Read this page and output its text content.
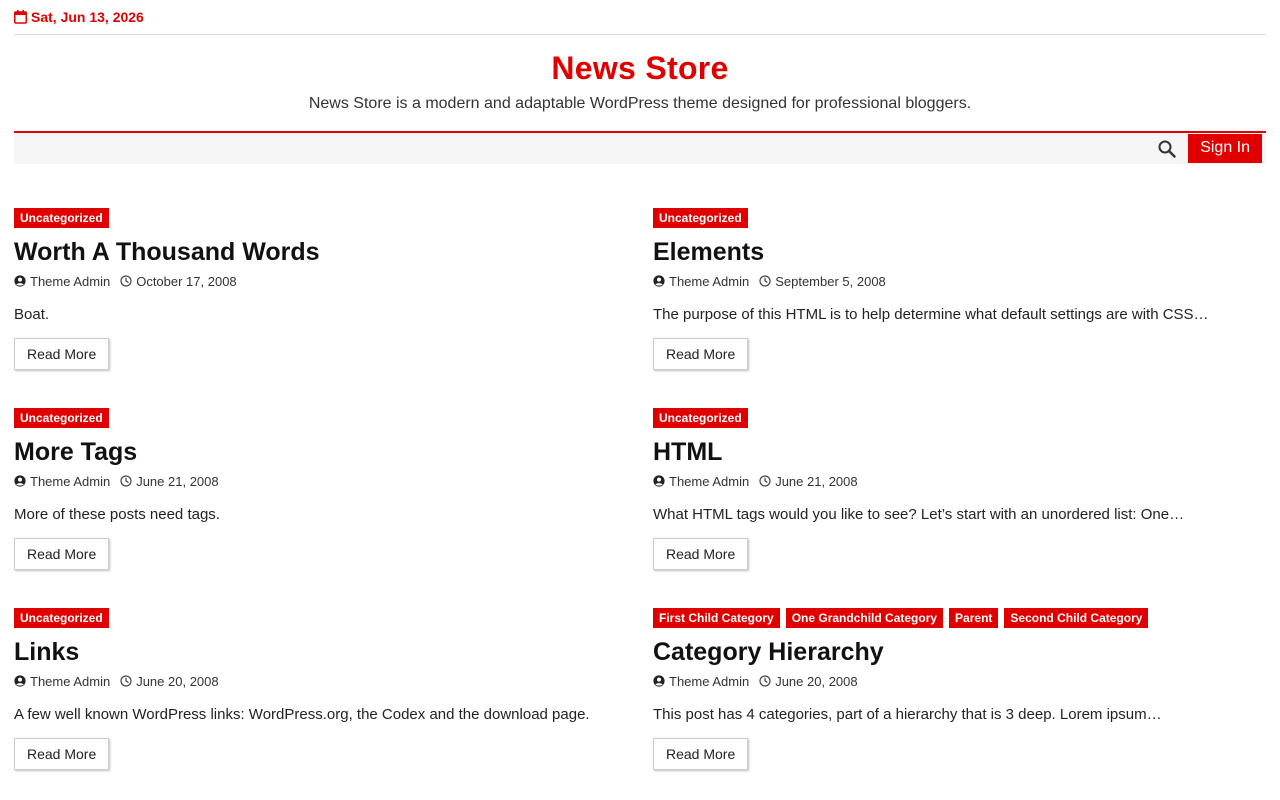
Sat, Jun 13, 2026
News Store
News Store is a modern and adaptable WordPress theme designed for professional bloggers.
Sign In
Uncategorized
Worth A Thousand Words
Theme Admin October 17, 2008

Boat.

Read More
Uncategorized
Elements
Theme Admin September 5, 2008

The purpose of this HTML is to help determine what default settings are with CSS…

Read More
Uncategorized
More Tags
Theme Admin June 21, 2008

More of these posts need tags.

Read More
Uncategorized
HTML
Theme Admin June 21, 2008

What HTML tags would you like to see? Let’s start with an unordered list: One…

Read More
Uncategorized
Links
Theme Admin June 20, 2008

A few well known WordPress links: WordPress.org, the Codex and the download page.

Read More
First Child Category	One Grandchild Category	Parent	Second Child Category
Category Hierarchy
Theme Admin June 20, 2008

This post has 4 categories, part of a hierarchy that is 3 deep. Lorem ipsum…

Read More
